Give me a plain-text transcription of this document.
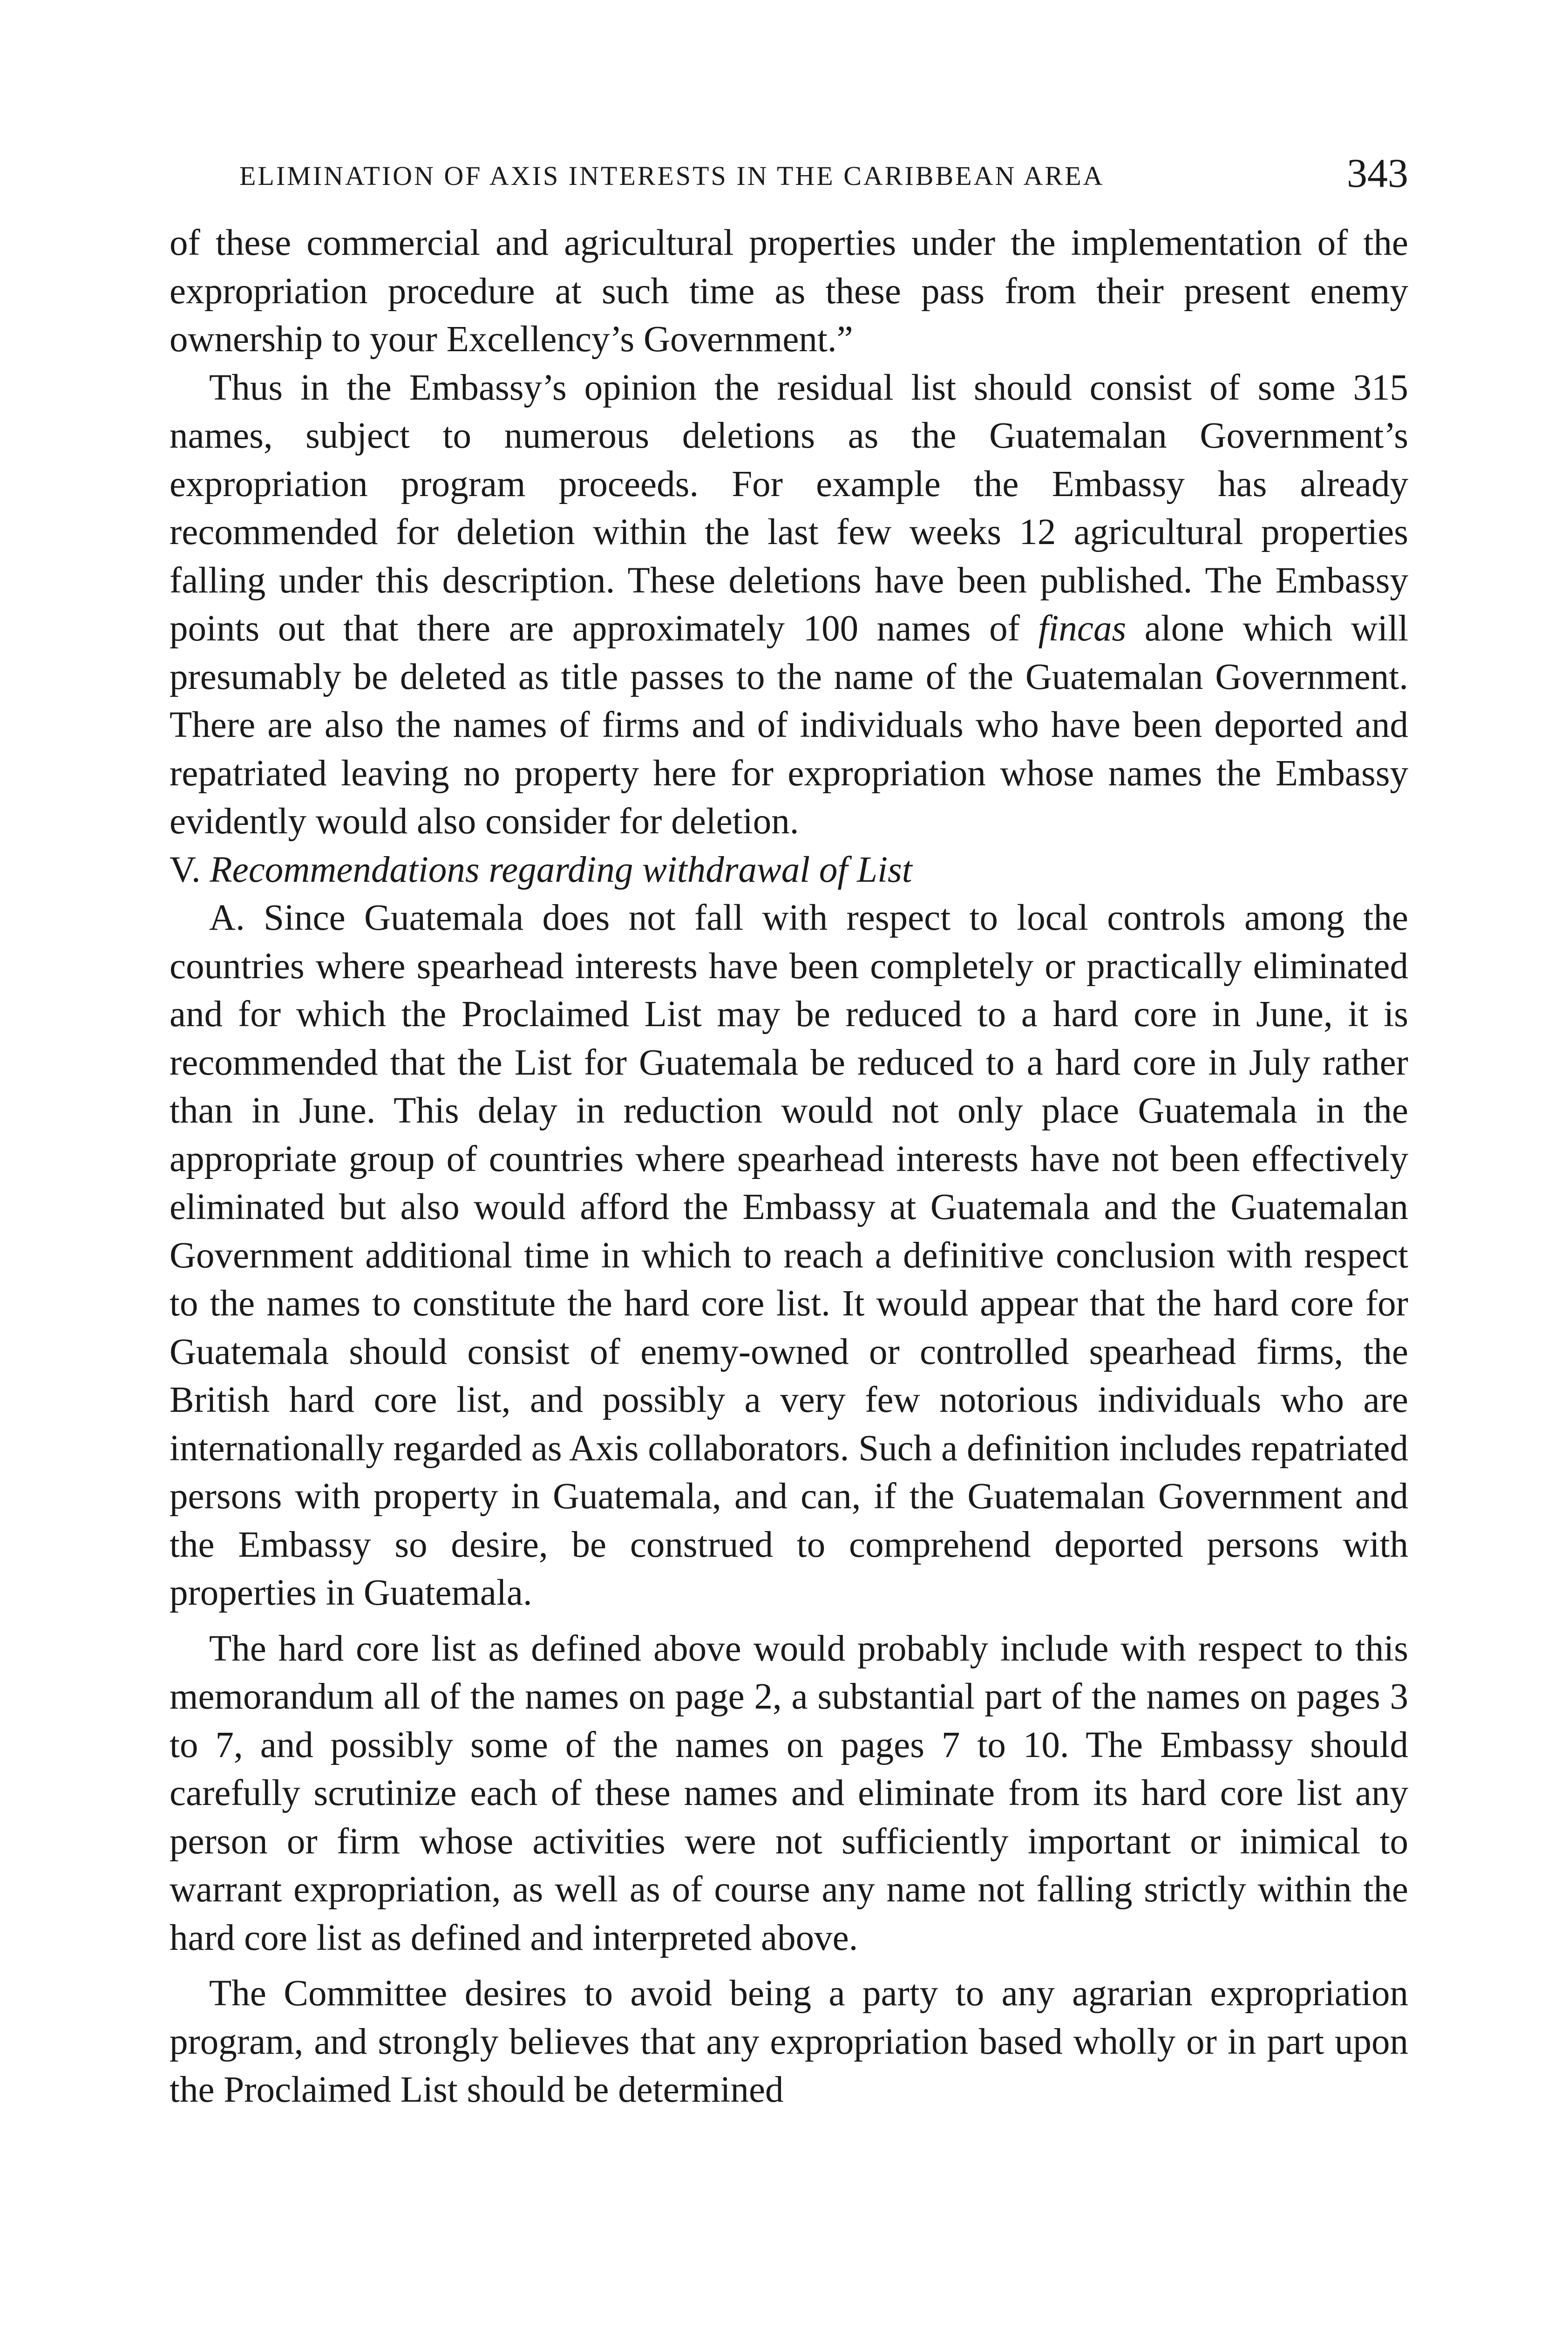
ELIMINATION OF AXIS INTERESTS IN THE CARIBBEAN AREA	343

of these commercial and agricultural properties under the implementation of the expropriation procedure at such time as these pass from their present enemy ownership to your Excellency’s Government.”

Thus in the Embassy’s opinion the residual list should consist of some 315 names, subject to numerous deletions as the Guatemalan Government’s expropriation program proceeds. For example the Embassy has already recommended for deletion within the last few weeks 12 agricultural properties falling under this description. These deletions have been published. The Embassy points out that there are approximately 100 names of fincas alone which will presumably be deleted as title passes to the name of the Guatemalan Government. There are also the names of firms and of individuals who have been deported and repatriated leaving no property here for expropriation whose names the Embassy evidently would also consider for deletion.

V. Recommendations regarding withdrawal of List

A. Since Guatemala does not fall with respect to local controls among the countries where spearhead interests have been completely or practically eliminated and for which the Proclaimed List may be reduced to a hard core in June, it is recommended that the List for Guatemala be reduced to a hard core in July rather than in June. This delay in reduction would not only place Guatemala in the appropriate group of countries where spearhead interests have not been effectively eliminated but also would afford the Embassy at Guatemala and the Guatemalan Government additional time in which to reach a definitive conclusion with respect to the names to constitute the hard core list. It would appear that the hard core for Guatemala should consist of enemy-owned or controlled spearhead firms, the British hard core list, and possibly a very few notorious individuals who are internationally regarded as Axis collaborators. Such a definition includes repatriated persons with property in Guatemala, and can, if the Guatemalan Government and the Embassy so desire, be construed to comprehend deported persons with properties in Guatemala.

The hard core list as defined above would probably include with respect to this memorandum all of the names on page 2, a substantial part of the names on pages 3 to 7, and possibly some of the names on pages 7 to 10. The Embassy should carefully scrutinize each of these names and eliminate from its hard core list any person or firm whose activities were not sufficiently important or inimical to warrant expropriation, as well as of course any name not falling strictly within the hard core list as defined and interpreted above.

The Committee desires to avoid being a party to any agrarian expropriation program, and strongly believes that any expropriation based wholly or in part upon the Proclaimed List should be determined
